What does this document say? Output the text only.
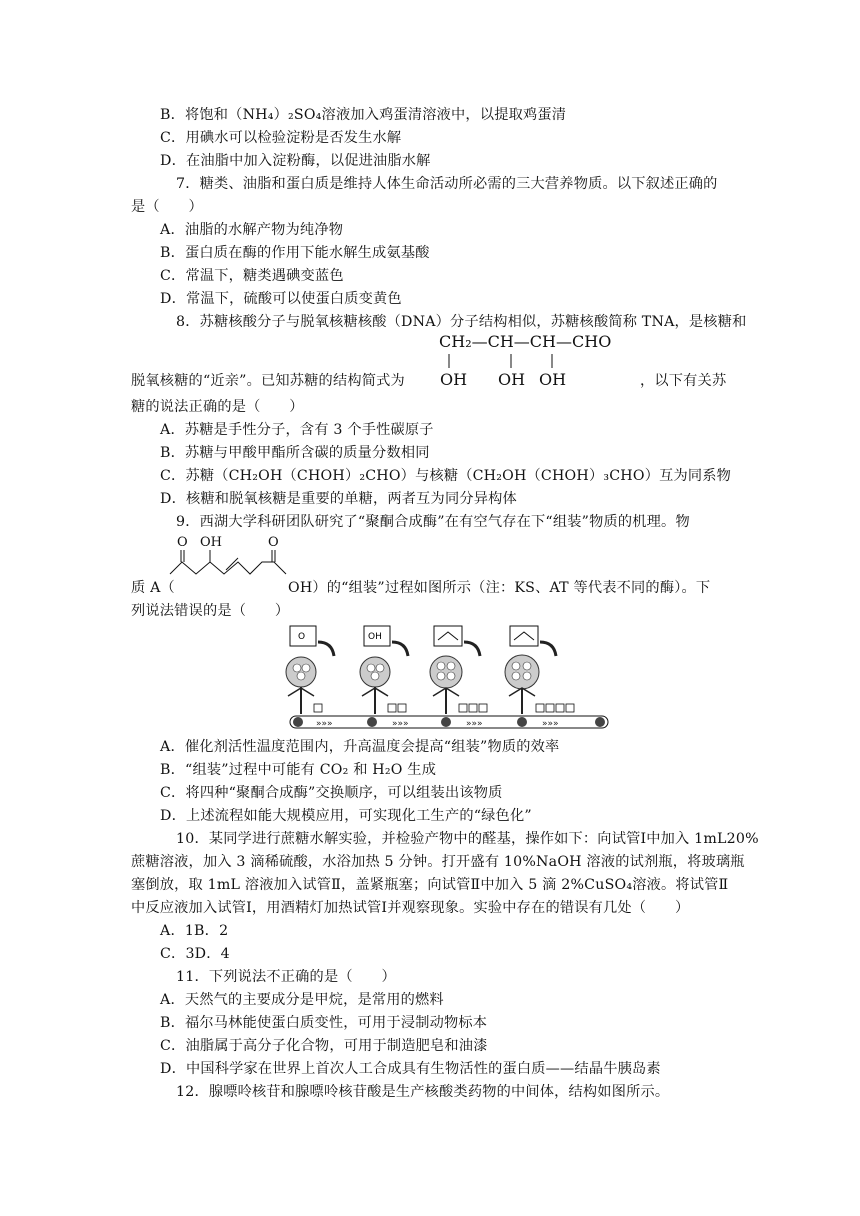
B．将饱和（NH₄）₂SO₄溶液加入鸡蛋清溶液中，以提取鸡蛋清
C．用碘水可以检验淀粉是否发生水解
D．在油脂中加入淀粉酶，以促进油脂水解
7．糖类、油脂和蛋白质是维持人体生命活动所必需的三大营养物质。以下叙述正确的
是（　　）
A．油脂的水解产物为纯净物
B．蛋白质在酶的作用下能水解生成氨基酸
C．常温下，糖类遇碘变蓝色
D．常温下，硫酸可以使蛋白质变黄色
8．苏糖核酸分子与脱氧核糖核酸（DNA）分子结构相似，苏糖核酸简称 TNA，是核糖和
CH₂—CH—CH—CHO
OH OH OH
脱氧核糖的“近亲”。已知苏糖的结构简式为	，以下有关苏
糖的说法正确的是（　　）
A．苏糖是手性分子，含有 3 个手性碳原子
B．苏糖与甲酸甲酯所含碳的质量分数相同
C．苏糖（CH₂OH（CHOH）₂CHO）与核糖（CH₂OH（CHOH）₃CHO）互为同系物
D．核糖和脱氧核糖是重要的单糖，两者互为同分异构体
9．西湖大学科研团队研究了“聚酮合成酶”在有空气存在下“组装”物质的机理。物
O OH	O
质 A（	OH）的“组装”过程如图所示（注：KS、AT 等代表不同的酶）。下
列说法错误的是（　　）
O	OH
»»»	»»»	»»»	»»»
A．催化剂活性温度范围内，升高温度会提高“组装”物质的效率
B．“组装”过程中可能有 CO₂ 和 H₂O 生成
C．将四种“聚酮合成酶”交换顺序，可以组装出该物质
D．上述流程如能大规模应用，可实现化工生产的“绿色化”
10．某同学进行蔗糖水解实验，并检验产物中的醛基，操作如下：向试管Ⅰ中加入 1mL20%
蔗糖溶液，加入 3 滴稀硫酸，水浴加热 5 分钟。打开盛有 10%NaOH 溶液的试剂瓶，将玻璃瓶
塞倒放，取 1mL 溶液加入试管Ⅱ，盖紧瓶塞；向试管Ⅱ中加入 5 滴 2%CuSO₄溶液。将试管Ⅱ
中反应液加入试管Ⅰ，用酒精灯加热试管Ⅰ并观察现象。实验中存在的错误有几处（　　）
A．1B．2
C．3D．4
11．下列说法不正确的是（　　）
A．天然气的主要成分是甲烷，是常用的燃料
B．福尔马林能使蛋白质变性，可用于浸制动物标本
C．油脂属于高分子化合物，可用于制造肥皂和油漆
D．中国科学家在世界上首次人工合成具有生物活性的蛋白质——结晶牛胰岛素
12．腺嘌呤核苷和腺嘌呤核苷酸是生产核酸类药物的中间体，结构如图所示。
